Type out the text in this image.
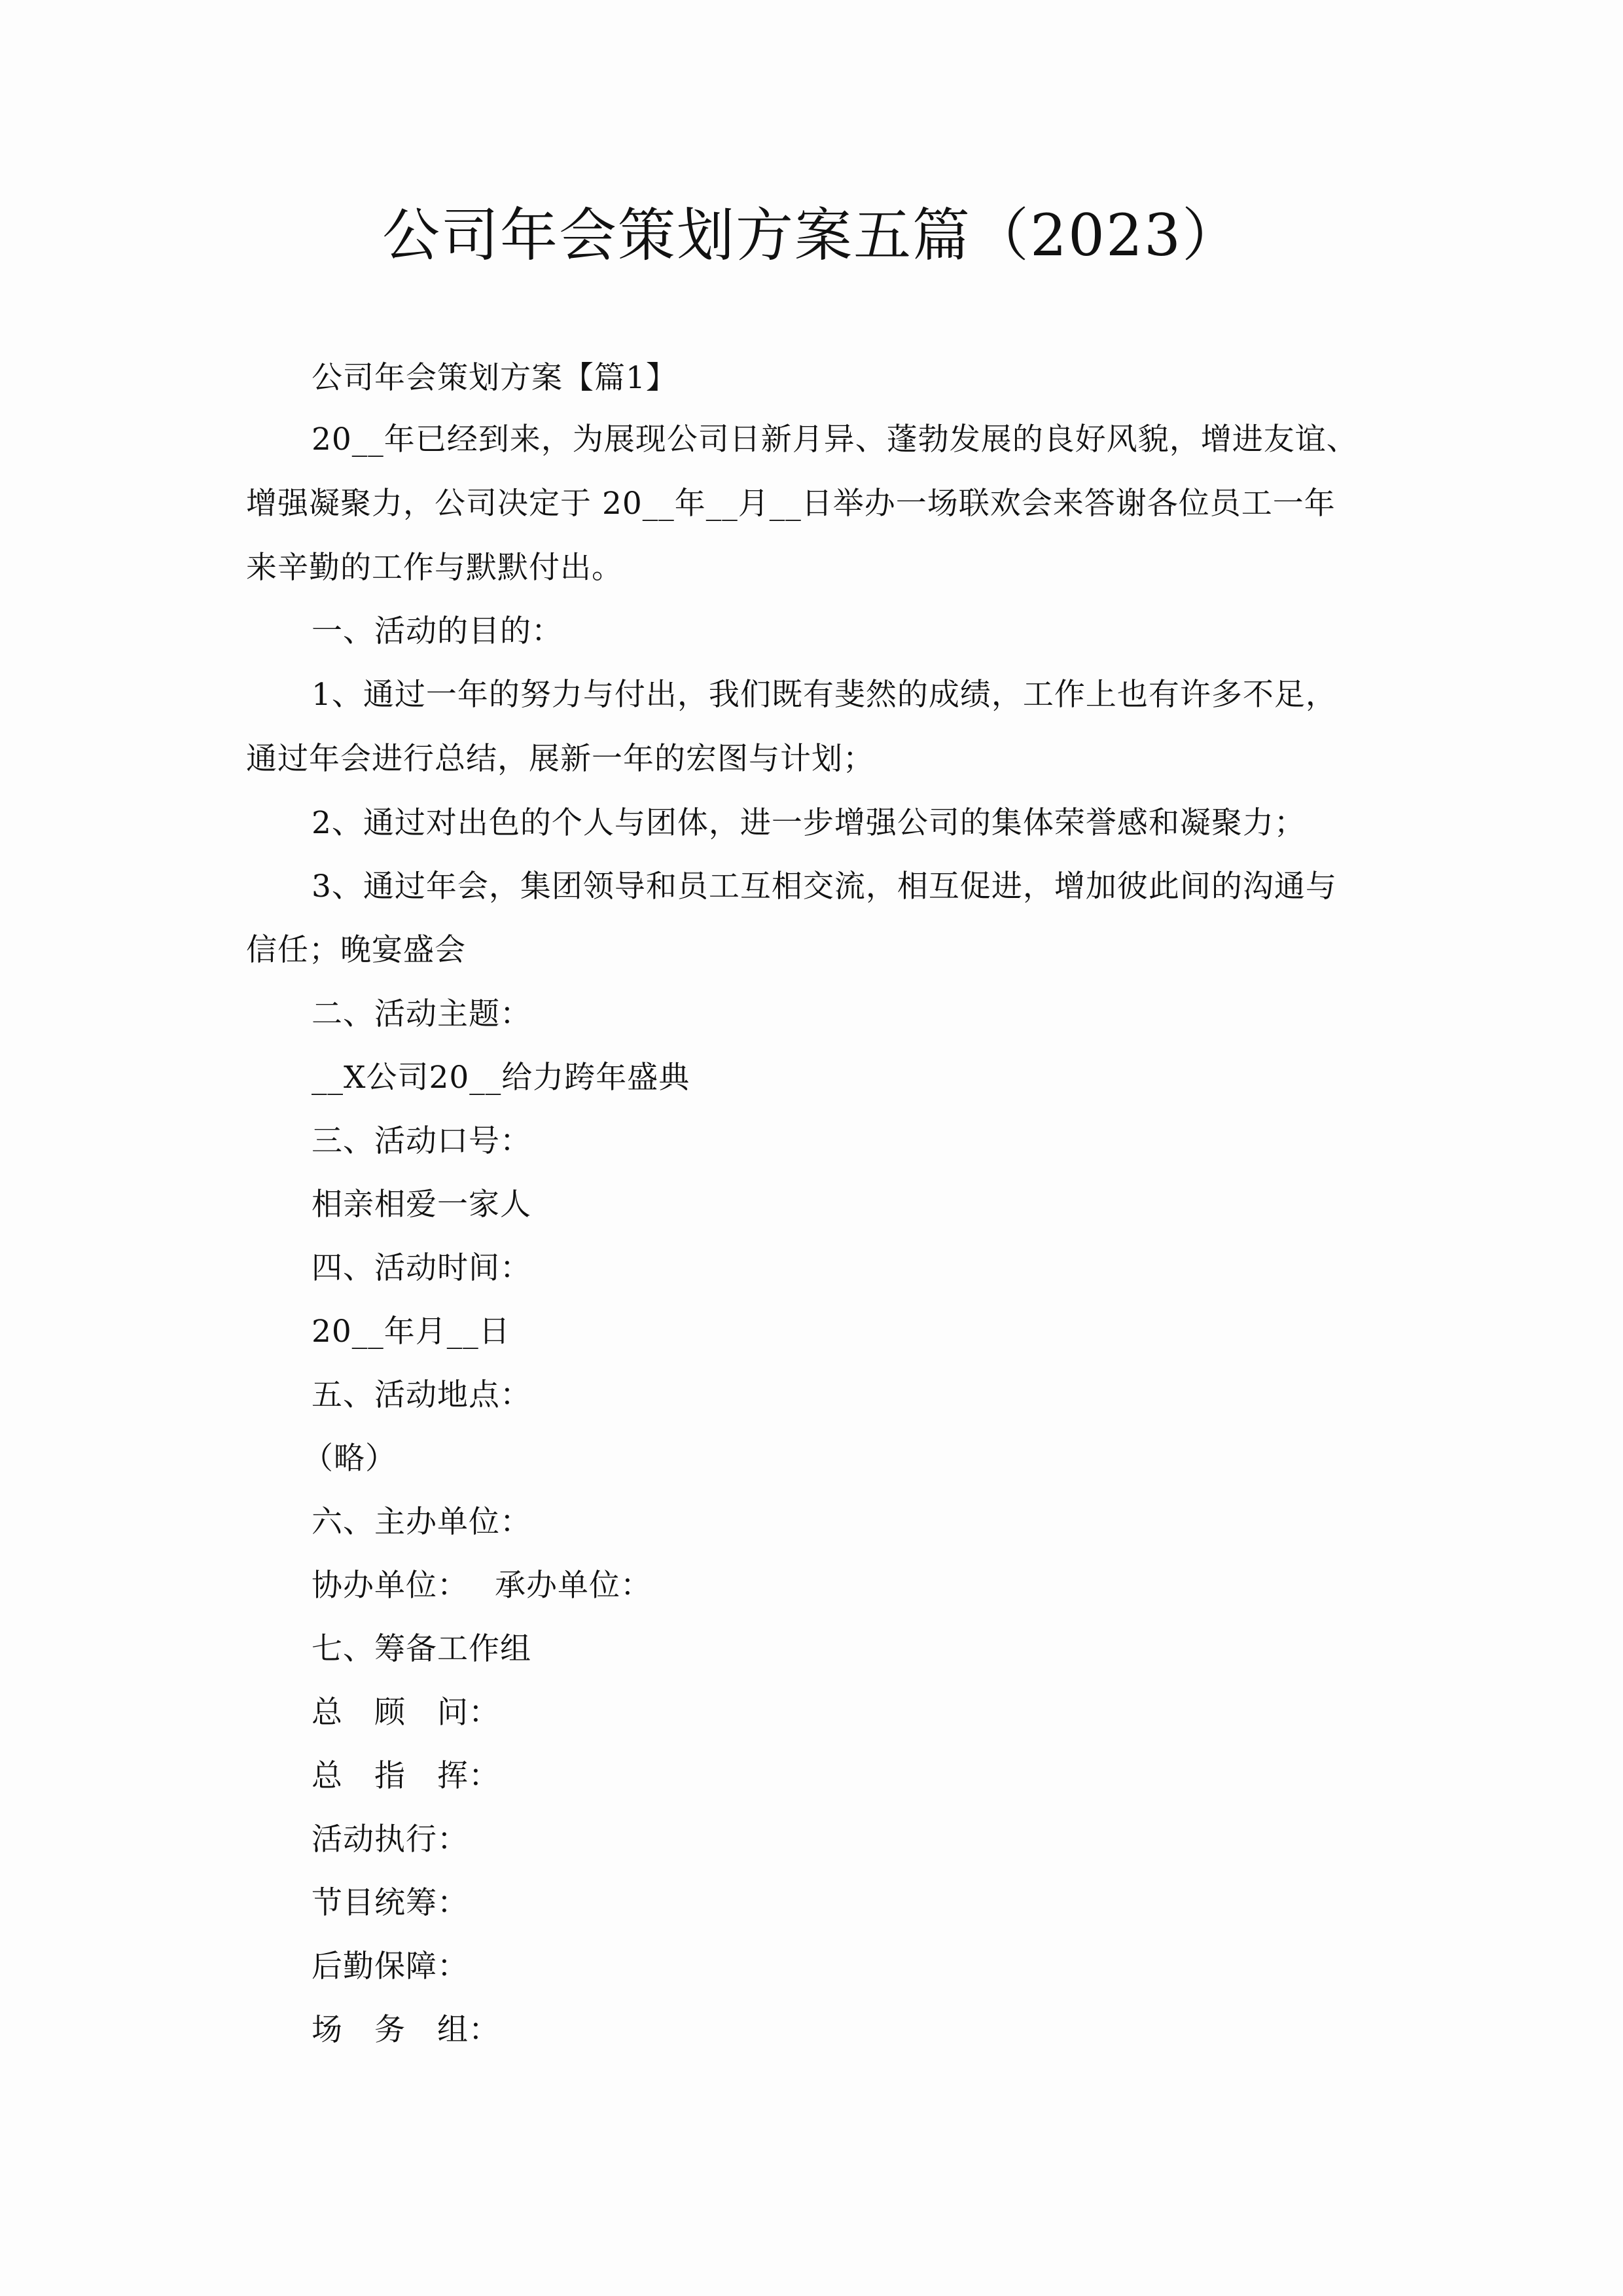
公司年会策划方案五篇（2023）
公司年会策划方案【篇1】
20__年已经到来，为展现公司日新月异、蓬勃发展的良好风貌，增进友谊、
增强凝聚力，公司决定于 20__年__月__日举办一场联欢会来答谢各位员工一年
来辛勤的工作与默默付出。
一、活动的目的：
1、通过一年的努力与付出，我们既有斐然的成绩，工作上也有许多不足，
通过年会进行总结，展新一年的宏图与计划；
2、通过对出色的个人与团体，进一步增强公司的集体荣誉感和凝聚力；
3、通过年会，集团领导和员工互相交流，相互促进，增加彼此间的沟通与
信任；晚宴盛会
二、活动主题：
__X公司20__给力跨年盛典
三、活动口号：
相亲相爱一家人
四、活动时间：
20__年月__日
五、活动地点：
（略）
六、主办单位：
协办单位： 承办单位：
七、筹备工作组
总　顾　问：
总　指　挥：
活动执行：
节目统筹：
后勤保障：
场　务　组：
